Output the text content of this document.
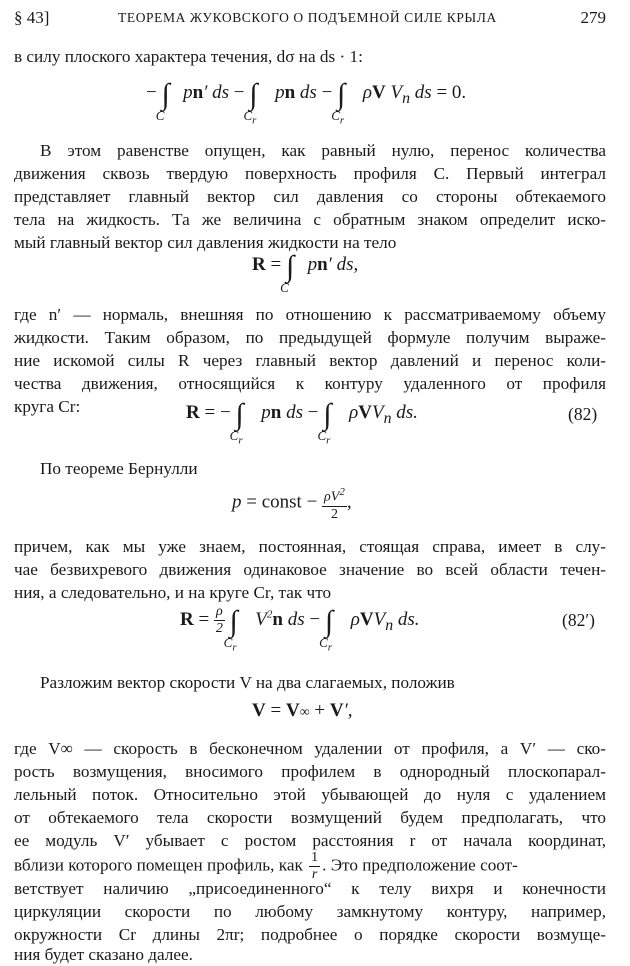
§ 43]	ТЕОРЕМА ЖУКОВСКОГО О ПОДЪЕМНОЙ СИЛЕ КРЫЛА	279
в силу плоского характера течения, dσ на ds · 1:
− $\int_C$ pn′ ds − $\int_{C_r}$ pn ds − $\int_{C_r}$ ρV $V_n$ ds = 0.
В этом равенстве опущен, как равный нулю, перенос количества
движения сквозь твердую поверхность профиля C. Первый интеграл
представляет главный вектор сил давления со стороны обтекаемого
тела на жидкость. Та же величина с обратным знаком определит иско-
мый главный вектор сил давления жидкости на тело
$R = \int_C$ pn′ ds,
где n′ — нормаль, внешняя по отношению к рассматриваемому объему
жидкости. Таким образом, по предыдущей формуле получим выраже-
ние искомой силы R через главный вектор давлений и перенос коли-
чества движения, относящийся к контуру удаленного от профиля
круга Cr:	R = − $\int_{C_r}$ pn ds − $\int_{C_r}$ ρVV$_n$ ds.	(82)
По теореме Бернулли
p = const − $\frac{\rho V^2}{2}$ ,
причем, как мы уже знаем, постоянная, стоящая справа, имеет в слу-
чае безвихревого движения одинаковое значение во всей области течен-
ния, а следовательно, и на круге Cr, так что
$R = \frac{\rho}{2} \int_{C_r}$ $V^2n$ ds − $\int_{C_r}$ ρVV$_n$ ds.	(82′)
Разложим вектор скорости V на два слагаемых, положив
V = V∞ + V′,
где V∞ — скорость в бесконечном удалении от профиля, а V′ — ско-
рость возмущения, вносимого профилем в однородный плоскопарал-
лельный поток. Относительно этой убывающей до нуля с удалением
от обтекаемого тела скорости возмущений будем предполагать, что
ее модуль V′ убывает с ростом расстояния r от начала координат,
вблизи которого помещен профиль, как $\frac{1}{r}$ . Это предположение соот-
ветствует наличию „присоединенного“ к телу вихря и конечности
циркуляции скорости по любому замкнутому контуру, например,
окружности Cr длины 2πr; подробнее о порядке скорости возмуще-
ния будет сказано далее.
